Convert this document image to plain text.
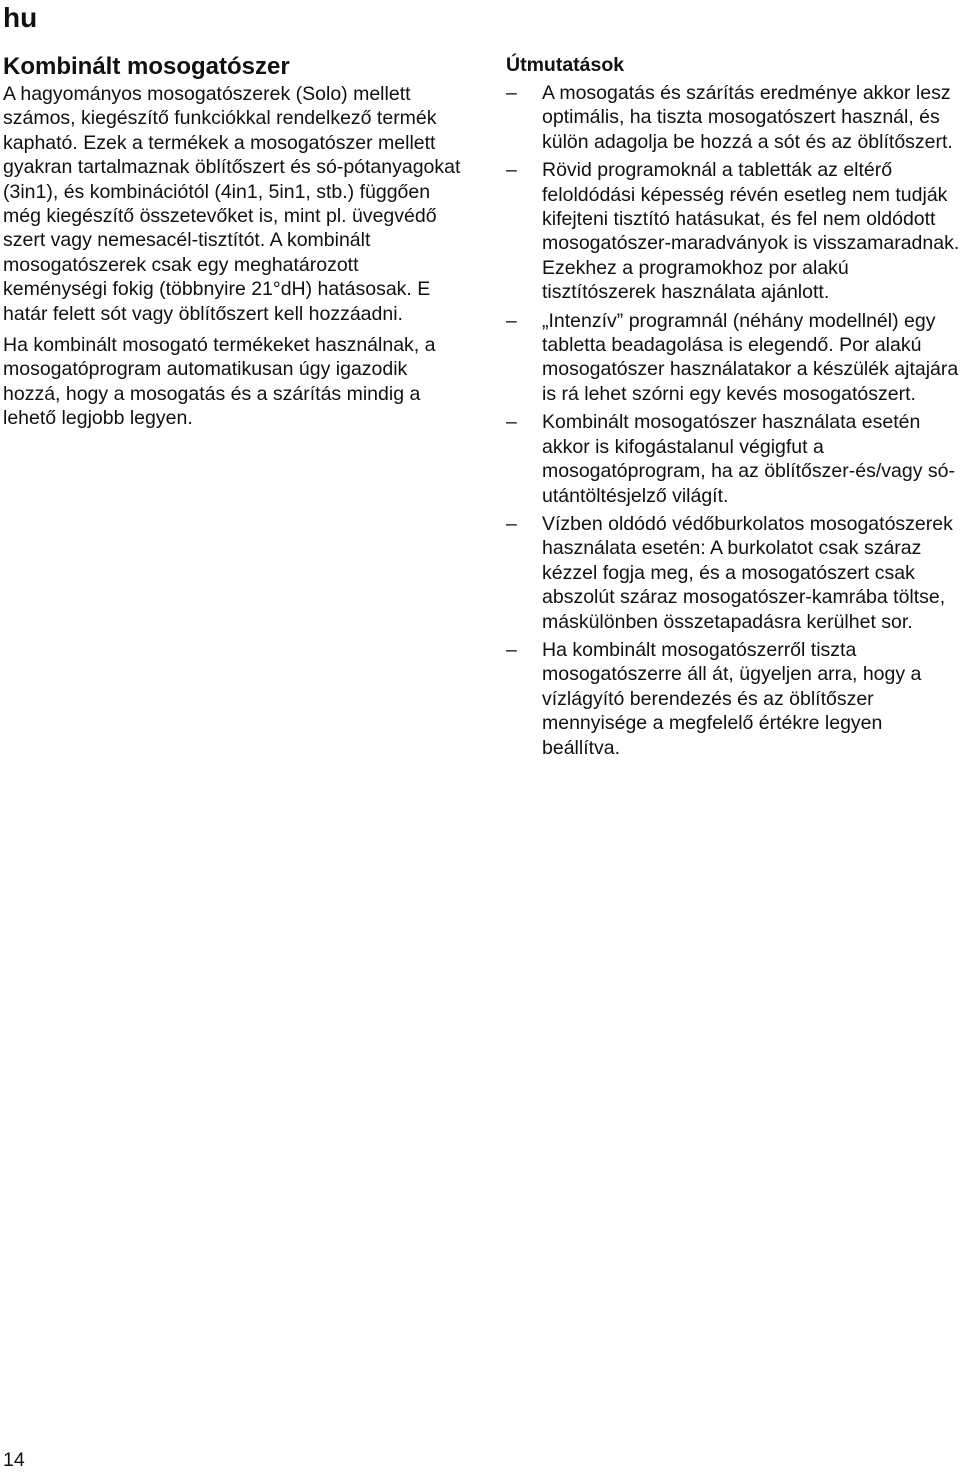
hu
Kombinált mosogatószer

A hagyományos mosogatószerek (Solo) mellett számos, kiegészítő funkciókkal rendelkező termék kapható. Ezek a termékek a mosogatószer mellett gyakran tartalmaznak öblítőszert és só-pótanyagokat (3in1), és kombinációtól (4in1, 5in1, stb.) függően még kiegészítő összetevőket is, mint pl. üvegvédő szert vagy nemesacél-tisztítót. A kombinált mosogatószerek csak egy meghatározott keménységi fokig (többnyire 21°dH) hatásosak. E határ felett sót vagy öblítőszert kell hozzáadni.

Ha kombinált mosogató termékeket használnak, a mosogatóprogram automatikusan úgy igazodik hozzá, hogy a mosogatás és a szárítás mindig a lehető legjobb legyen.

Útmutatások
– A mosogatás és szárítás eredménye akkor lesz optimális, ha tiszta mosogatószert használ, és külön adagolja be hozzá a sót és az öblítőszert.
– Rövid programoknál a tabletták az eltérő feloldódási képesség révén esetleg nem tudják kifejteni tisztító hatásukat, és fel nem oldódott mosogatószer-maradványok is visszamaradnak. Ezekhez a programokhoz por alakú tisztítószerek használata ajánlott.
– „Intenzív” programnál (néhány modellnél) egy tabletta beadagolása is elegendő. Por alakú mosogatószer használatakor a készülék ajtajára is rá lehet szórni egy kevés mosogatószert.
– Kombinált mosogatószer használata esetén akkor is kifogástalanul végigfut a mosogatóprogram, ha az öblítőszer-és/vagy só-utántöltésjelző világít.
– Vízben oldódó védőburkolatos mosogatószerek használata esetén: A burkolatot csak száraz kézzel fogja meg, és a mosogatószert csak abszolút száraz mosogatószer-kamrába töltse, máskülönben összetapadásra kerülhet sor.
– Ha kombinált mosogatószerről tiszta mosogatószerre áll át, ügyeljen arra, hogy a vízlágyító berendezés és az öblítőszer mennyisége a megfelelő értékre legyen beállítva.
14
